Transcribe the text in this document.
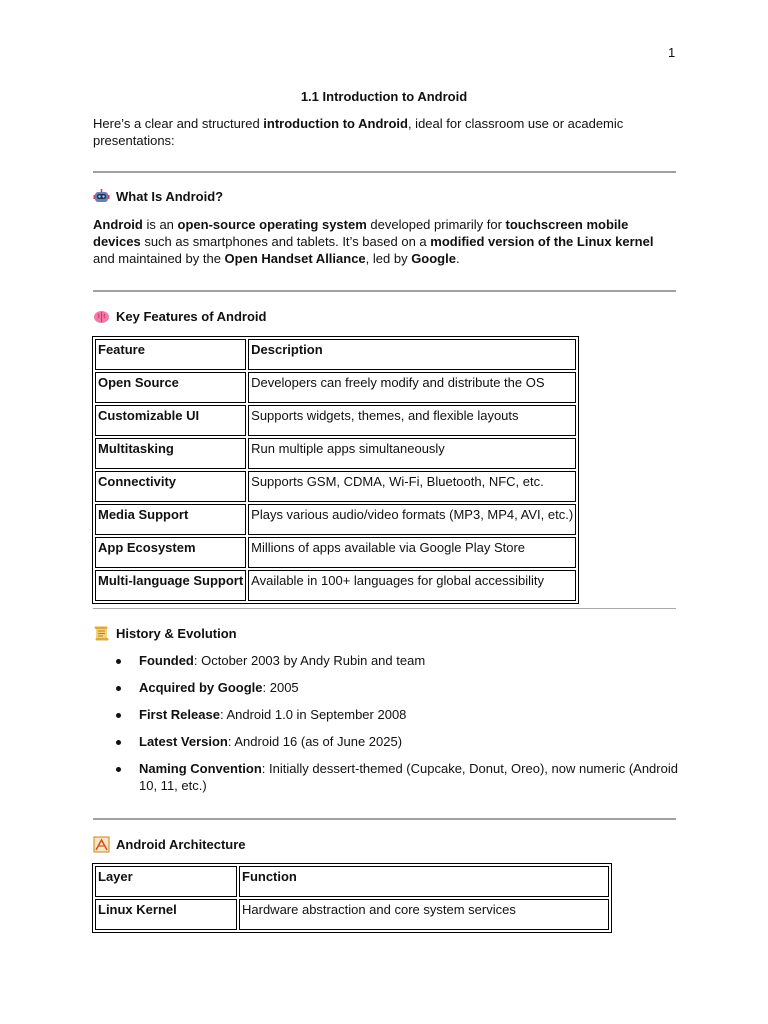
1
1.1 Introduction to Android
Here’s a clear and structured introduction to Android, ideal for classroom use or academic presentations:
What Is Android?
Android is an open-source operating system developed primarily for touchscreen mobile devices such as smartphones and tablets. It’s based on a modified version of the Linux kernel and maintained by the Open Handset Alliance, led by Google.
Key Features of Android
Feature	Description
Open Source	Developers can freely modify and distribute the OS
Customizable UI	Supports widgets, themes, and flexible layouts
Multitasking	Run multiple apps simultaneously
Connectivity	Supports GSM, CDMA, Wi-Fi, Bluetooth, NFC, etc.
Media Support	Plays various audio/video formats (MP3, MP4, AVI, etc.)
App Ecosystem	Millions of apps available via Google Play Store
Multi-language Support	Available in 100+ languages for global accessibility
History & Evolution
Founded: October 2003 by Andy Rubin and team
Acquired by Google: 2005
First Release: Android 1.0 in September 2008
Latest Version: Android 16 (as of June 2025)
Naming Convention: Initially dessert-themed (Cupcake, Donut, Oreo), now numeric (Android 10, 11, etc.)
Android Architecture
Layer	Function
Linux Kernel	Hardware abstraction and core system services
